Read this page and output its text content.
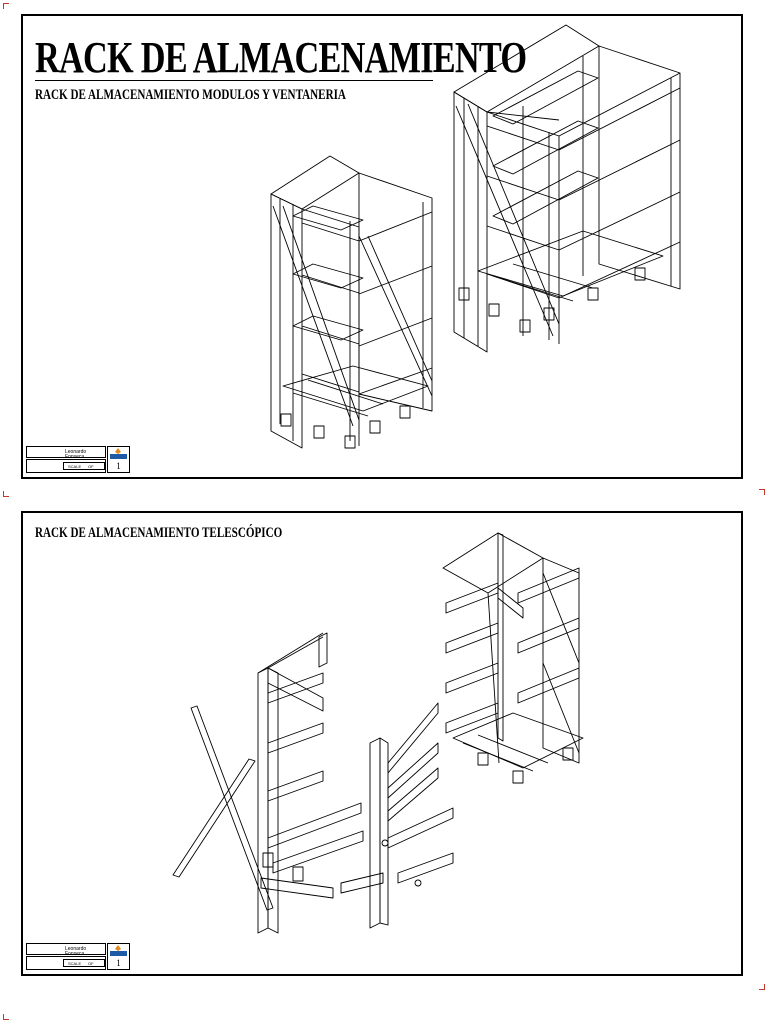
RACK DE ALMACENAMIENTO
RACK DE ALMACENAMIENTO MODULOS Y VENTANERIA
Leonardo Fonseca
SCALE OF	1
RACK DE ALMACENAMIENTO TELESCÓPICO
Leonardo Fonseca
SCALE OF	1
